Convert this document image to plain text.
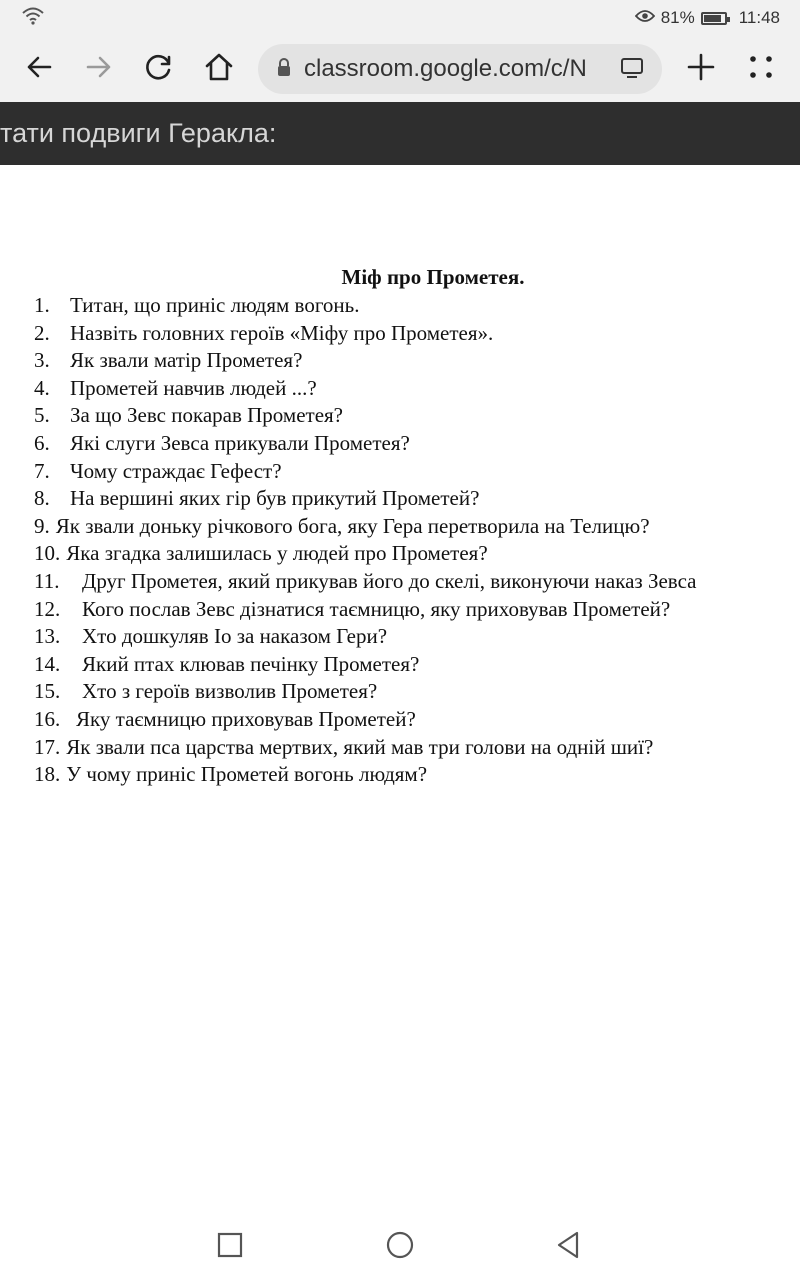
81%	11:48
classroom.google.com/c/N
тати подвиги Геракла:
Міф про Прометея.
1. Титан, що приніс людям вогонь.
2. Назвіть головних героїв «Міфу про Прометея».
3. Як звали матір Прометея?
4. Прометей навчив людей ...?
5. За що Зевс покарав Прометея?
6. Які слуги Зевса прикували Прометея?
7. Чому страждає Гефест?
8. На вершині яких гір був прикутий Прометей?
9. Як звали доньку річкового бога, яку Гера перетворила на Телицю?
10. Яка згадка залишилась у людей про Прометея?
11. Друг Прометея, який прикував його до скелі, виконуючи наказ Зевса
12. Кого послав Зевс дізнатися таємницю, яку приховував Прометей?
13. Хто дошкуляв Іо за наказом Гери?
14. Який птах клював печінку Прометея?
15. Хто з героїв визволив Прометея?
16. Яку таємницю приховував Прометей?
17. Як звали пса царства мертвих, який мав три голови на одній шиї?
18. У чому приніс Прометей вогонь людям?
